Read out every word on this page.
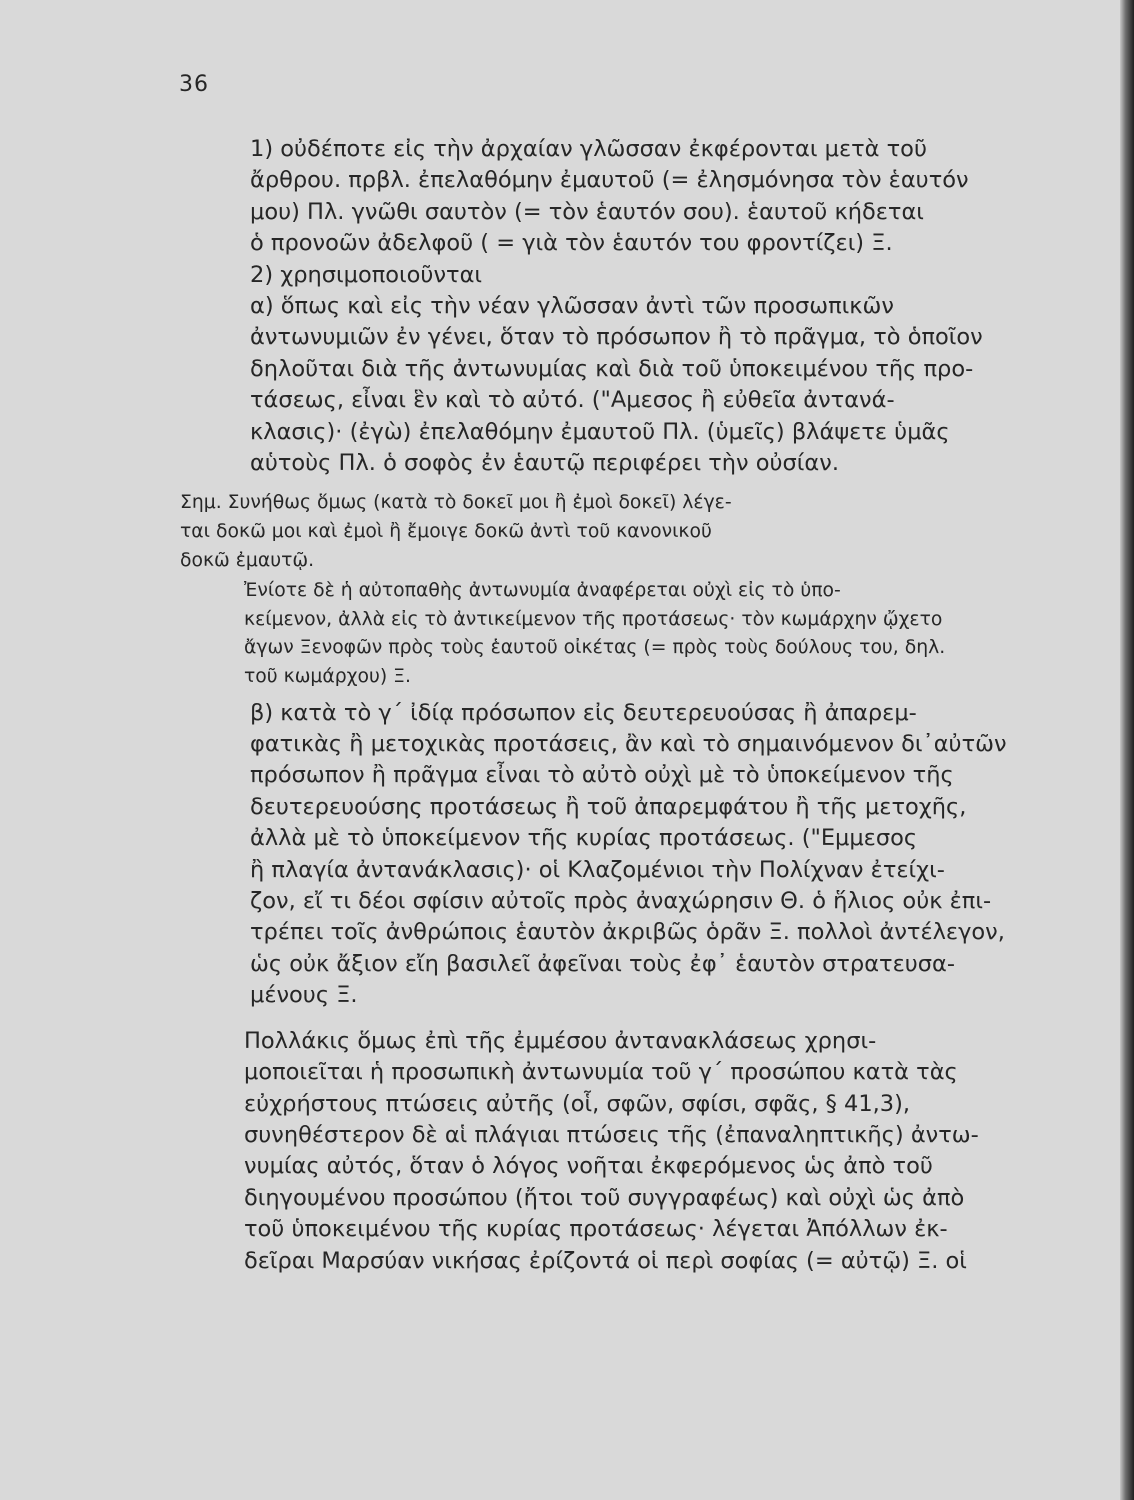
36

1) οὐδέποτε εἰς τὴν ἀρχαίαν γλῶσσαν ἐκφέρονται μετὰ τοῦ
ἄρθρου. πρβλ. ἐπελαθόμην ἐμαυτοῦ (= ἐλησμόνησα τὸν ἑαυτόν
μου) Πλ. γνῶθι σαυτὸν (= τὸν ἑαυτόν σου). ἑαυτοῦ κήδεται
ὁ προνοῶν ἀδελφοῦ ( = γιὰ τὸν ἑαυτόν του φροντίζει) Ξ.

2) χρησιμοποιοῦνται

α) ὅπως καὶ εἰς τὴν νέαν γλῶσσαν ἀντὶ τῶν προσωπικῶν
ἀντωνυμιῶν ἐν γένει, ὅταν τὸ πρόσωπον ἢ τὸ πρᾶγμα, τὸ ὁποῖον
δηλοῦται διὰ τῆς ἀντωνυμίας καὶ διὰ τοῦ ὑποκειμένου τῆς προ-
τάσεως, εἶναι ἓν καὶ τὸ αὐτό. ("Αμεσος ἢ εὐθεῖα ἀντανά-
κλασις)· (ἐγὼ) ἐπελαθόμην ἐμαυτοῦ Πλ. (ὑμεῖς) βλάψετε ὑμᾶς
αὑτοὺς Πλ. ὁ σοφὸς ἐν ἑαυτῷ περιφέρει τὴν οὐσίαν.

Σημ. Συνήθως ὅμως (κατὰ τὸ δοκεῖ μοι ἢ ἐμοὶ δοκεῖ) λέγε-
ται δοκῶ μοι καὶ ἐμοὶ ἢ ἔμοιγε δοκῶ ἀντὶ τοῦ κανονικοῦ
δοκῶ ἐμαυτῷ.

Ἐνίοτε δὲ ἡ αὐτοπαθὴς ἀντωνυμία ἀναφέρεται οὐχὶ εἰς τὸ ὑπο-
κείμενον, ἀλλὰ εἰς τὸ ἀντικείμενον τῆς προτάσεως· τὸν κωμάρχην ᾤχετο
ἄγων Ξενοφῶν πρὸς τοὺς ἑαυτοῦ οἰκέτας (= πρὸς τοὺς δούλους του, δηλ.
τοῦ κωμάρχου) Ξ.

β) κατὰ τὸ γ΄ ἰδίᾳ πρόσωπον εἰς δευτερευούσας ἢ ἀπαρεμ-
φατικὰς ἢ μετοχικὰς προτάσεις, ἂν καὶ τὸ σημαινόμενον δι᾽αὐτῶν
πρόσωπον ἢ πρᾶγμα εἶναι τὸ αὐτὸ οὐχὶ μὲ τὸ ὑποκείμενον τῆς
δευτερευούσης προτάσεως ἢ τοῦ ἀπαρεμφάτου ἢ τῆς μετοχῆς,
ἀλλὰ μὲ τὸ ὑποκείμενον τῆς κυρίας προτάσεως. ("Εμμεσος
ἢ πλαγία ἀντανάκλασις)· οἱ Κλαζομένιοι τὴν Πολίχναν ἐτείχι-
ζον, εἴ τι δέοι σφίσιν αὐτοῖς πρὸς ἀναχώρησιν Θ. ὁ ἥλιος οὐκ ἐπι-
τρέπει τοῖς ἀνθρώποις ἑαυτὸν ἀκριβῶς ὁρᾶν Ξ. πολλοὶ ἀντέλεγον,
ὡς οὐκ ἄξιον εἴη βασιλεῖ ἀφεῖναι τοὺς ἐφ᾽ ἑαυτὸν στρατευσα-
μένους Ξ.

Πολλάκις ὅμως ἐπὶ τῆς ἐμμέσου ἀντανακλάσεως χρησι-
μοποιεῖται ἡ προσωπικὴ ἀντωνυμία τοῦ γ΄ προσώπου κατὰ τὰς
εὐχρήστους πτώσεις αὐτῆς (οἷ, σφῶν, σφίσι, σφᾶς, § 41,3),
συνηθέστερον δὲ αἱ πλάγιαι πτώσεις τῆς (ἐπαναληπτικῆς) ἀντω-
νυμίας αὐτός, ὅταν ὁ λόγος νοῆται ἐκφερόμενος ὡς ἀπὸ τοῦ
διηγουμένου προσώπου (ἤτοι τοῦ συγγραφέως) καὶ οὐχὶ ὡς ἀπὸ
τοῦ ὑποκειμένου τῆς κυρίας προτάσεως· λέγεται Ἀπόλλων ἐκ-
δεῖραι Μαρσύαν νικήσας ἐρίζοντά οἱ περὶ σοφίας (= αὐτῷ) Ξ. οἱ
